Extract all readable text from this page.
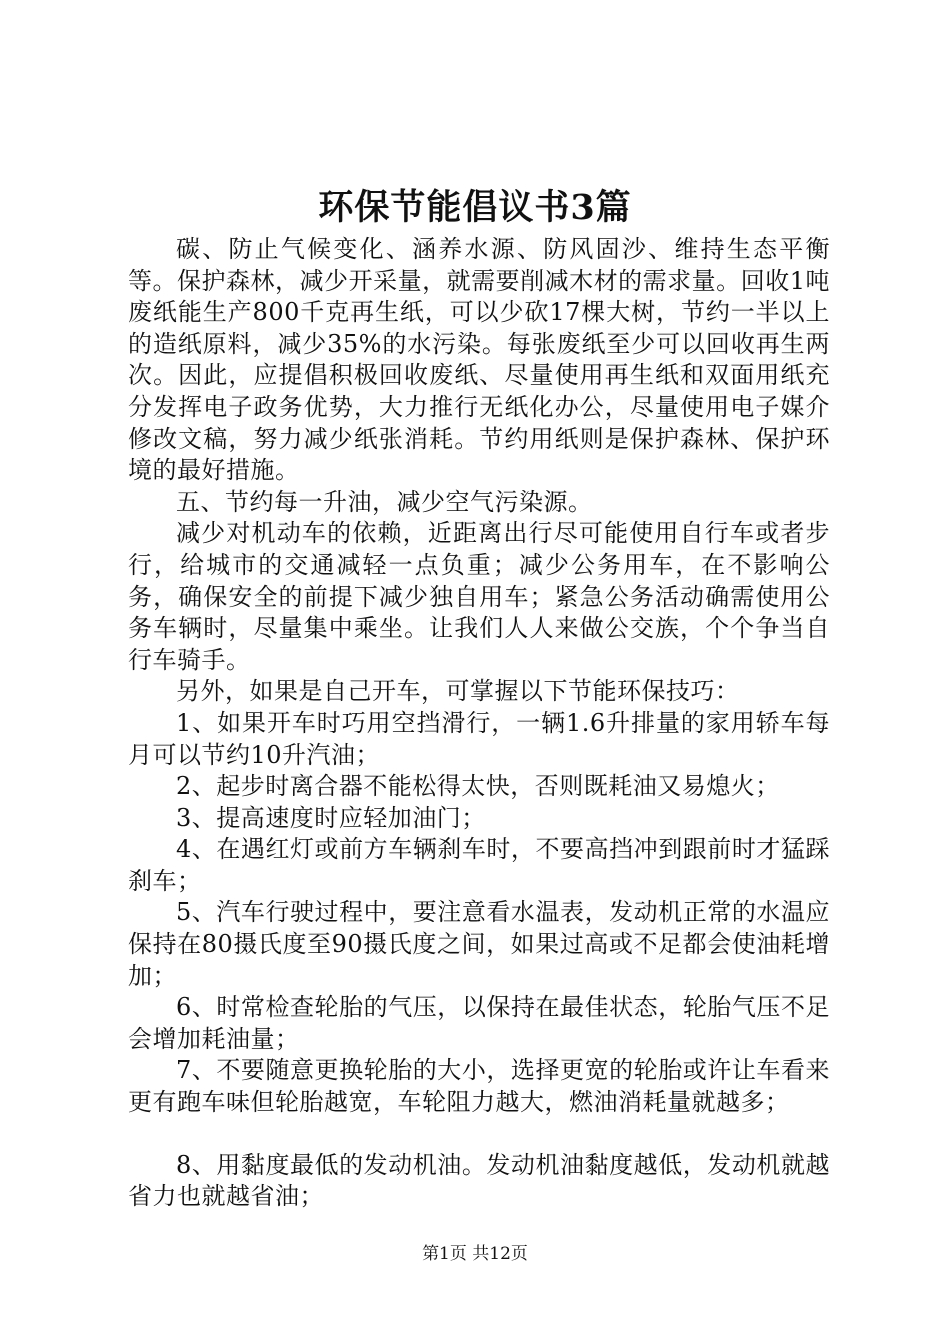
环保节能倡议书3篇

碳、防止气候变化、涵养水源、防风固沙、维持生态平衡等。保护森林，减少开采量，就需要削减木材的需求量。回收1吨废纸能生产800千克再生纸，可以少砍17棵大树，节约一半以上的造纸原料，减少35%的水污染。每张废纸至少可以回收再生两次。因此，应提倡积极回收废纸、尽量使用再生纸和双面用纸充分发挥电子政务优势，大力推行无纸化办公，尽量使用电子媒介修改文稿，努力减少纸张消耗。节约用纸则是保护森林、保护环境的最好措施。

五、节约每一升油，减少空气污染源。

减少对机动车的依赖，近距离出行尽可能使用自行车或者步行，给城市的交通减轻一点负重；减少公务用车，在不影响公务，确保安全的前提下减少独自用车；紧急公务活动确需使用公务车辆时，尽量集中乘坐。让我们人人来做公交族，个个争当自行车骑手。

另外，如果是自己开车，可掌握以下节能环保技巧：

1、如果开车时巧用空挡滑行，一辆1.6升排量的家用轿车每月可以节约10升汽油；

2、起步时离合器不能松得太快，否则既耗油又易熄火；

3、提高速度时应轻加油门；

4、在遇红灯或前方车辆刹车时，不要高挡冲到跟前时才猛踩刹车；

5、汽车行驶过程中，要注意看水温表，发动机正常的水温应保持在80摄氏度至90摄氏度之间，如果过高或不足都会使油耗增加；

6、时常检查轮胎的气压，以保持在最佳状态，轮胎气压不足会增加耗油量；

7、不要随意更换轮胎的大小，选择更宽的轮胎或许让车看来更有跑车味但轮胎越宽，车轮阻力越大，燃油消耗量就越多；

8、用黏度最低的发动机油。发动机油黏度越低，发动机就越省力也就越省油；

第1页 共12页
